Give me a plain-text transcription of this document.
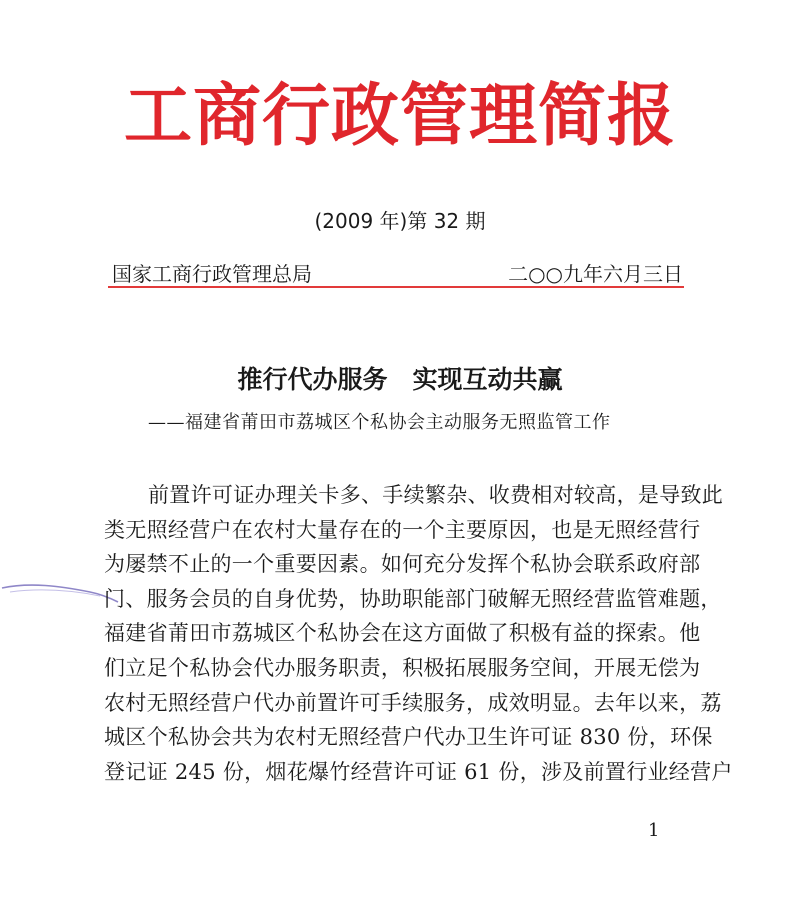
工商行政管理简报
(2009 年)第 32 期
国家工商行政管理总局	二○○九年六月三日
推行代办服务　实现互动共赢
——福建省莆田市荔城区个私协会主动服务无照监管工作
前置许可证办理关卡多、手续繁杂、收费相对较高，是导致此
类无照经营户在农村大量存在的一个主要原因，也是无照经营行
为屡禁不止的一个重要因素。如何充分发挥个私协会联系政府部
门、服务会员的自身优势，协助职能部门破解无照经营监管难题，
福建省莆田市荔城区个私协会在这方面做了积极有益的探索。他
们立足个私协会代办服务职责，积极拓展服务空间，开展无偿为
农村无照经营户代办前置许可手续服务，成效明显。去年以来，荔
城区个私协会共为农村无照经营户代办卫生许可证 830 份，环保
登记证 245 份，烟花爆竹经营许可证 61 份，涉及前置行业经营户
1
